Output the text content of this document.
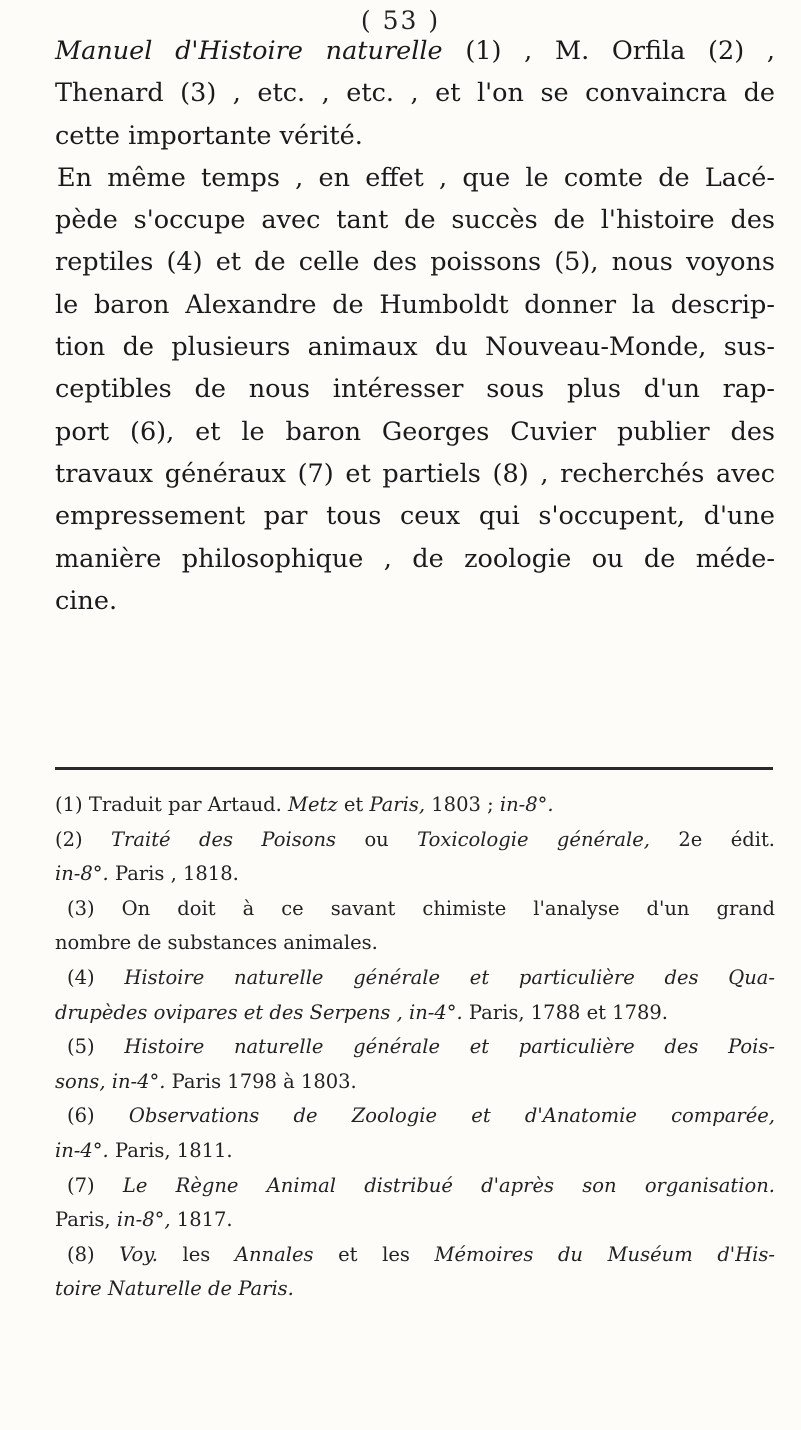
( 53 )
Manuel d'Histoire naturelle (1) , M. Orfila (2) ,
Thenard (3) , etc. , etc. , et l'on se convaincra de
cette importante vérité.
En même temps , en effet , que le comte de Lacé-
pède s'occupe avec tant de succès de l'histoire des
reptiles (4) et de celle des poissons (5), nous voyons
le baron Alexandre de Humboldt donner la descrip-
tion de plusieurs animaux du Nouveau-Monde, sus-
ceptibles de nous intéresser sous plus d'un rap-
port (6), et le baron Georges Cuvier publier des
travaux généraux (7) et partiels (8) , recherchés avec
empressement par tous ceux qui s'occupent, d'une
manière philosophique , de zoologie ou de méde-
cine.
(1) Traduit par Artaud. Metz et Paris, 1803 ; in-8°.
(2) Traité des Poisons ou Toxicologie générale, 2e édit.
in-8°. Paris , 1818.
(3) On doit à ce savant chimiste l'analyse d'un grand
nombre de substances animales.
(4) Histoire naturelle générale et particulière des Qua-
drupèdes ovipares et des Serpens , in-4°. Paris, 1788 et 1789.
(5) Histoire naturelle générale et particulière des Pois-
sons, in-4°. Paris 1798 à 1803.
(6) Observations de Zoologie et d'Anatomie comparée,
in-4°. Paris, 1811.
(7) Le Règne Animal distribué d'après son organisation.
Paris, in-8°, 1817.
(8) Voy. les Annales et les Mémoires du Muséum d'His-
toire Naturelle de Paris.
